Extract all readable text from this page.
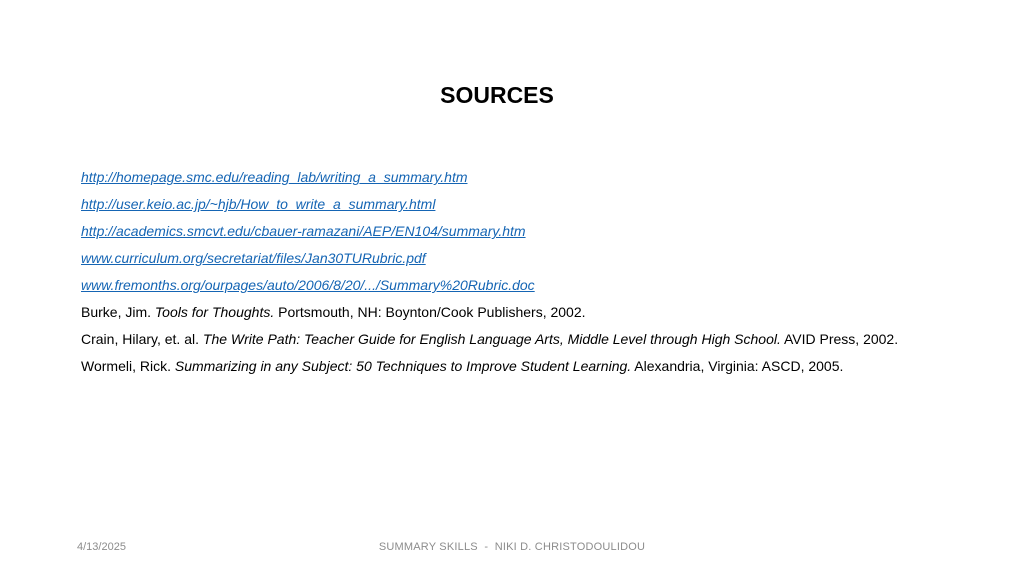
SOURCES
http://homepage.smc.edu/reading_lab/writing_a_summary.htm
http://user.keio.ac.jp/~hjb/How_to_write_a_summary.html
http://academics.smcvt.edu/cbauer-ramazani/AEP/EN104/summary.htm
www.curriculum.org/secretariat/files/Jan30TURubric.pdf
www.fremonths.org/ourpages/auto/2006/8/20/.../Summary%20Rubric.doc
Burke, Jim. Tools for Thoughts. Portsmouth, NH: Boynton/Cook Publishers, 2002.
Crain, Hilary, et. al. The Write Path: Teacher Guide for English Language Arts, Middle Level through High School. AVID Press, 2002.
Wormeli, Rick. Summarizing in any Subject: 50 Techniques to Improve Student Learning. Alexandria, Virginia: ASCD, 2005.
4/13/2025	SUMMARY SKILLS  -  NIKI D. CHRISTODOULIDOU
